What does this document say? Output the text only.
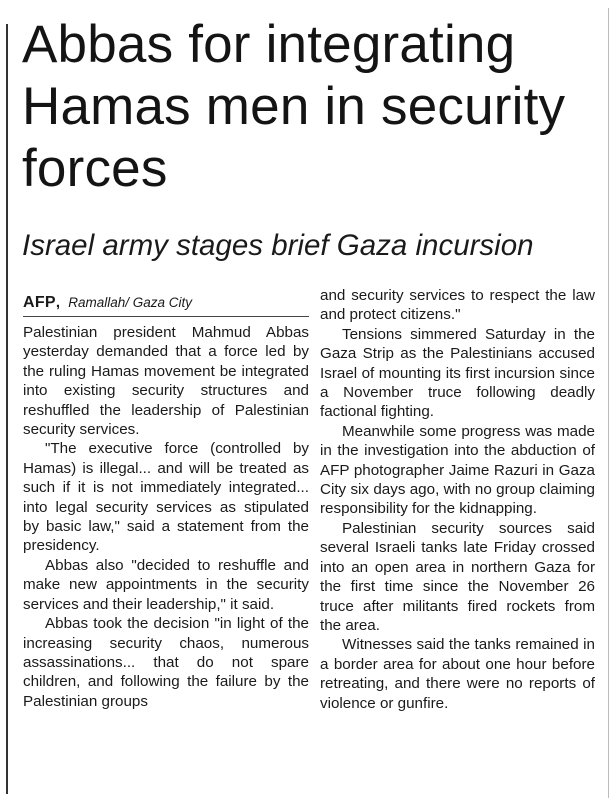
Abbas for integrating Hamas men in security forces
Israel army stages brief Gaza incursion
AFP, Ramallah/ Gaza City

Palestinian president Mahmud Abbas yesterday demanded that a force led by the ruling Hamas movement be integrated into existing security structures and reshuffled the leadership of Palestinian security services.

"The executive force (controlled by Hamas) is illegal... and will be treated as such if it is not immediately integrated... into legal security services as stipulated by basic law," said a statement from the presidency.

Abbas also "decided to reshuffle and make new appointments in the security services and their leadership," it said.

Abbas took the decision "in light of the increasing security chaos, numerous assassinations... that do not spare children, and following the failure by the Palestinian groups

and security services to respect the law and protect citizens."

Tensions simmered Saturday in the Gaza Strip as the Palestinians accused Israel of mounting its first incursion since a November truce following deadly factional fighting.

Meanwhile some progress was made in the investigation into the abduction of AFP photographer Jaime Razuri in Gaza City six days ago, with no group claiming responsibility for the kidnapping.

Palestinian security sources said several Israeli tanks late Friday crossed into an open area in northern Gaza for the first time since the November 26 truce after militants fired rockets from the area.

Witnesses said the tanks remained in a border area for about one hour before retreating, and there were no reports of violence or gunfire.
